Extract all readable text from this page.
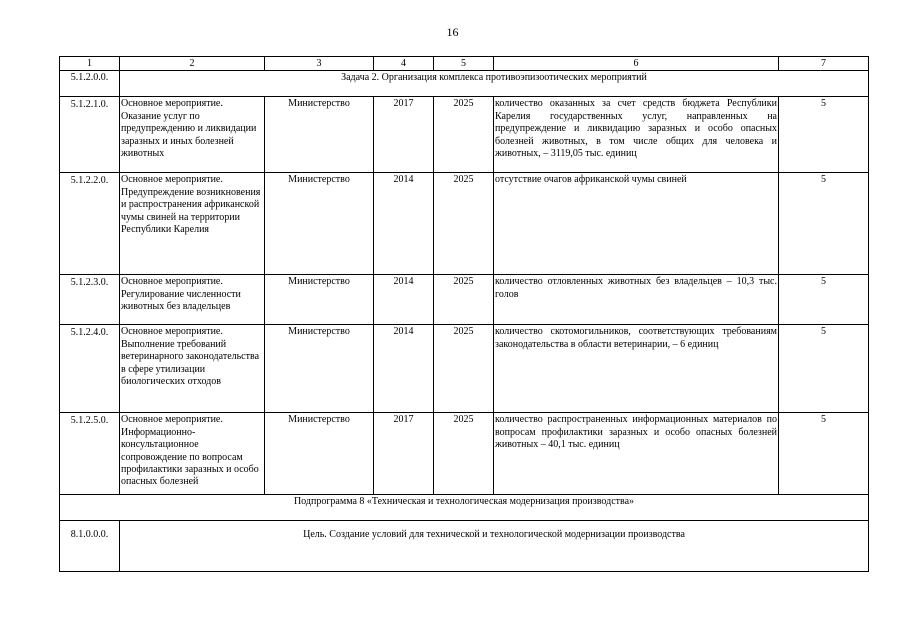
16
1	2	3	4	5	6	7
5.1.2.0.0.	Задача 2. Организация комплекса противоэпизоотических мероприятий					
5.1.2.1.0.	Основное мероприятие. Оказание услуг по предупреждению и ликвидации заразных и иных болезней животных	Министерство	2017	2025	количество оказанных за счет средств бюджета Республики Карелия государственных услуг, направленных на предупреждение и ликвидацию заразных и особо опасных болезней животных, в том числе общих для человека и животных, – 3119,05 тыс. единиц	5
5.1.2.2.0.	Основное мероприятие. Предупреждение возникновения и распространения африканской чумы свиней на территории Республики Карелия	Министерство	2014	2025	отсутствие очагов африканской чумы свиней	5
5.1.2.3.0.	Основное мероприятие. Регулирование численности животных без владельцев	Министерство	2014	2025	количество отловленных животных без владельцев – 10,3 тыс. голов	5
5.1.2.4.0.	Основное мероприятие. Выполнение требований ветеринарного законодательства в сфере утилизации биологических отходов	Министерство	2014	2025	количество скотомогильников, соответствующих требованиям законодательства в области ветеринарии, – 6 единиц	5
5.1.2.5.0.	Основное мероприятие. Информационно-консультационное сопровождение по вопросам профилактики заразных и особо опасных болезней	Министерство	2017	2025	количество распространенных информационных материалов по вопросам профилактики заразных и особо опасных болезней животных – 40,1 тыс. единиц	5
Подпрограмма 8 «Техническая и технологическая модернизация производства»						
8.1.0.0.0.	Цель. Создание условий для технической и технологической модернизации производства					
